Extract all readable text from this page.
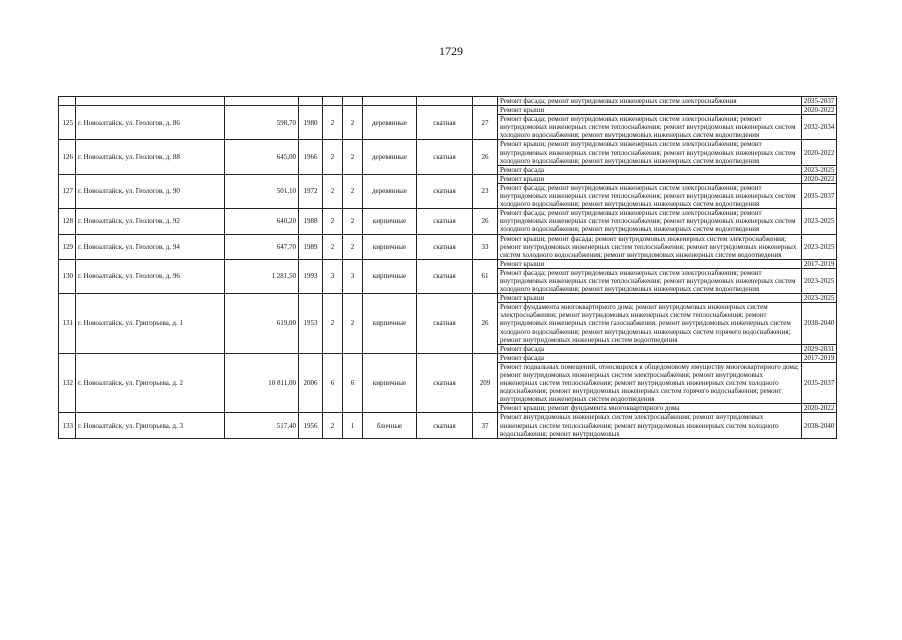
1729
									Ремонт фасада; ремонт внутридомовых инженерных систем электроснабжения	2035-2037
125	г. Новоалтайск, ул. Геологов, д. 86	598,70	1980	2	2	деревянные	скатная	27	Ремонт крыши	2020-2022
									Ремонт фасада; ремонт внутридомовых инженерных систем электроснабжения; ремонт внутридомовых инженерных систем теплоснабжения; ремонт внутридомовых инженерных систем холодного водоснабжения; ремонт внутридомовых инженерных систем водоотведения	2032-2034
126	г. Новоалтайск, ул. Геологов, д. 88	645,00	1966	2	2	деревянные	скатная	26	Ремонт крыши; ремонт внутридомовых инженерных систем электроснабжения; ремонт внутридомовых инженерных систем теплоснабжения; ремонт внутридомовых инженерных систем холодного водоснабжения; ремонт внутридомовых инженерных систем водоотведения	2020-2022
									Ремонт фасада	2023-2025
127	г. Новоалтайск, ул. Геологов, д. 90	501,10	1972	2	2	деревянные	скатная	23	Ремонт крыши	2020-2022
									Ремонт фасада; ремонт внутридомовых инженерных систем электроснабжения; ремонт внутридомовых инженерных систем теплоснабжения; ремонт внутридомовых инженерных систем холодного водоснабжения; ремонт внутридомовых инженерных систем водоотведения	2035-2037
128	г. Новоалтайск, ул. Геологов, д. 92	640,20	1988	2	2	кирпичные	скатная	26	Ремонт фасада; ремонт внутридомовых инженерных систем электроснабжения; ремонт внутридомовых инженерных систем теплоснабжения; ремонт внутридомовых инженерных систем холодного водоснабжения; ремонт внутридомовых инженерных систем водоотведения	2023-2025
129	г. Новоалтайск, ул. Геологов, д. 94	647,70	1989	2	2	кирпичные	скатная	33	Ремонт крыши; ремонт фасада; ремонт внутридомовых инженерных систем электроснабжения; ремонт внутридомовых инженерных систем теплоснабжения; ремонт внутридомовых инженерных систем холодного водоснабжения; ремонт внутридомовых инженерных систем водоотведения	2023-2025
130	г. Новоалтайск, ул. Геологов, д. 96	1 281,50	1993	3	3	кирпичные	скатная	61	Ремонт крыши	2017-2019
									Ремонт фасада; ремонт внутридомовых инженерных систем электроснабжения; ремонт внутридомовых инженерных систем теплоснабжения; ремонт внутридомовых инженерных систем холодного водоснабжения; ремонт внутридомовых инженерных систем водоотведения	2023-2025
131	г. Новоалтайск, ул. Григорьева, д. 1	619,00	1953	2	2	кирпичные	скатная	26	Ремонт крыши	2023-2025
									Ремонт фундамента многоквартирного дома; ремонт внутридомовых инженерных систем электроснабжения; ремонт внутридомовых инженерных систем теплоснабжения; ремонт внутридомовых инженерных систем газоснабжения; ремонт внутридомовых инженерных систем холодного водоснабжения; ремонт внутридомовых инженерных систем горячего водоснабжения; ремонт внутридомовых инженерных систем водоотведения	2038-2040
									Ремонт фасада	2029-2031
132	г. Новоалтайск, ул. Григорьева, д. 2	10 811,00	2006	6	6	кирпичные	скатная	209	Ремонт фасада	2017-2019
									Ремонт подвальных помещений, относящихся к общедомовому имуществу многоквартирного дома; ремонт внутридомовых инженерных систем электроснабжения; ремонт внутридомовых инженерных систем теплоснабжения; ремонт внутридомовых инженерных систем холодного водоснабжения; ремонт внутридомовых инженерных систем горячего водоснабжения; ремонт внутридомовых инженерных систем водоотведения	2035-2037
									Ремонт крыши; ремонт фундамента многоквартирного дома	2020-2022
133	г. Новоалтайск, ул. Григорьева, д. 3	517,40	1956	2	1	блочные	скатная	37	Ремонт внутридомовых инженерных систем электроснабжения; ремонт внутридомовых инженерных систем теплоснабжения; ремонт внутридомовых инженерных систем холодного водоснабжения; ремонт внутридомовых	2038-2040
